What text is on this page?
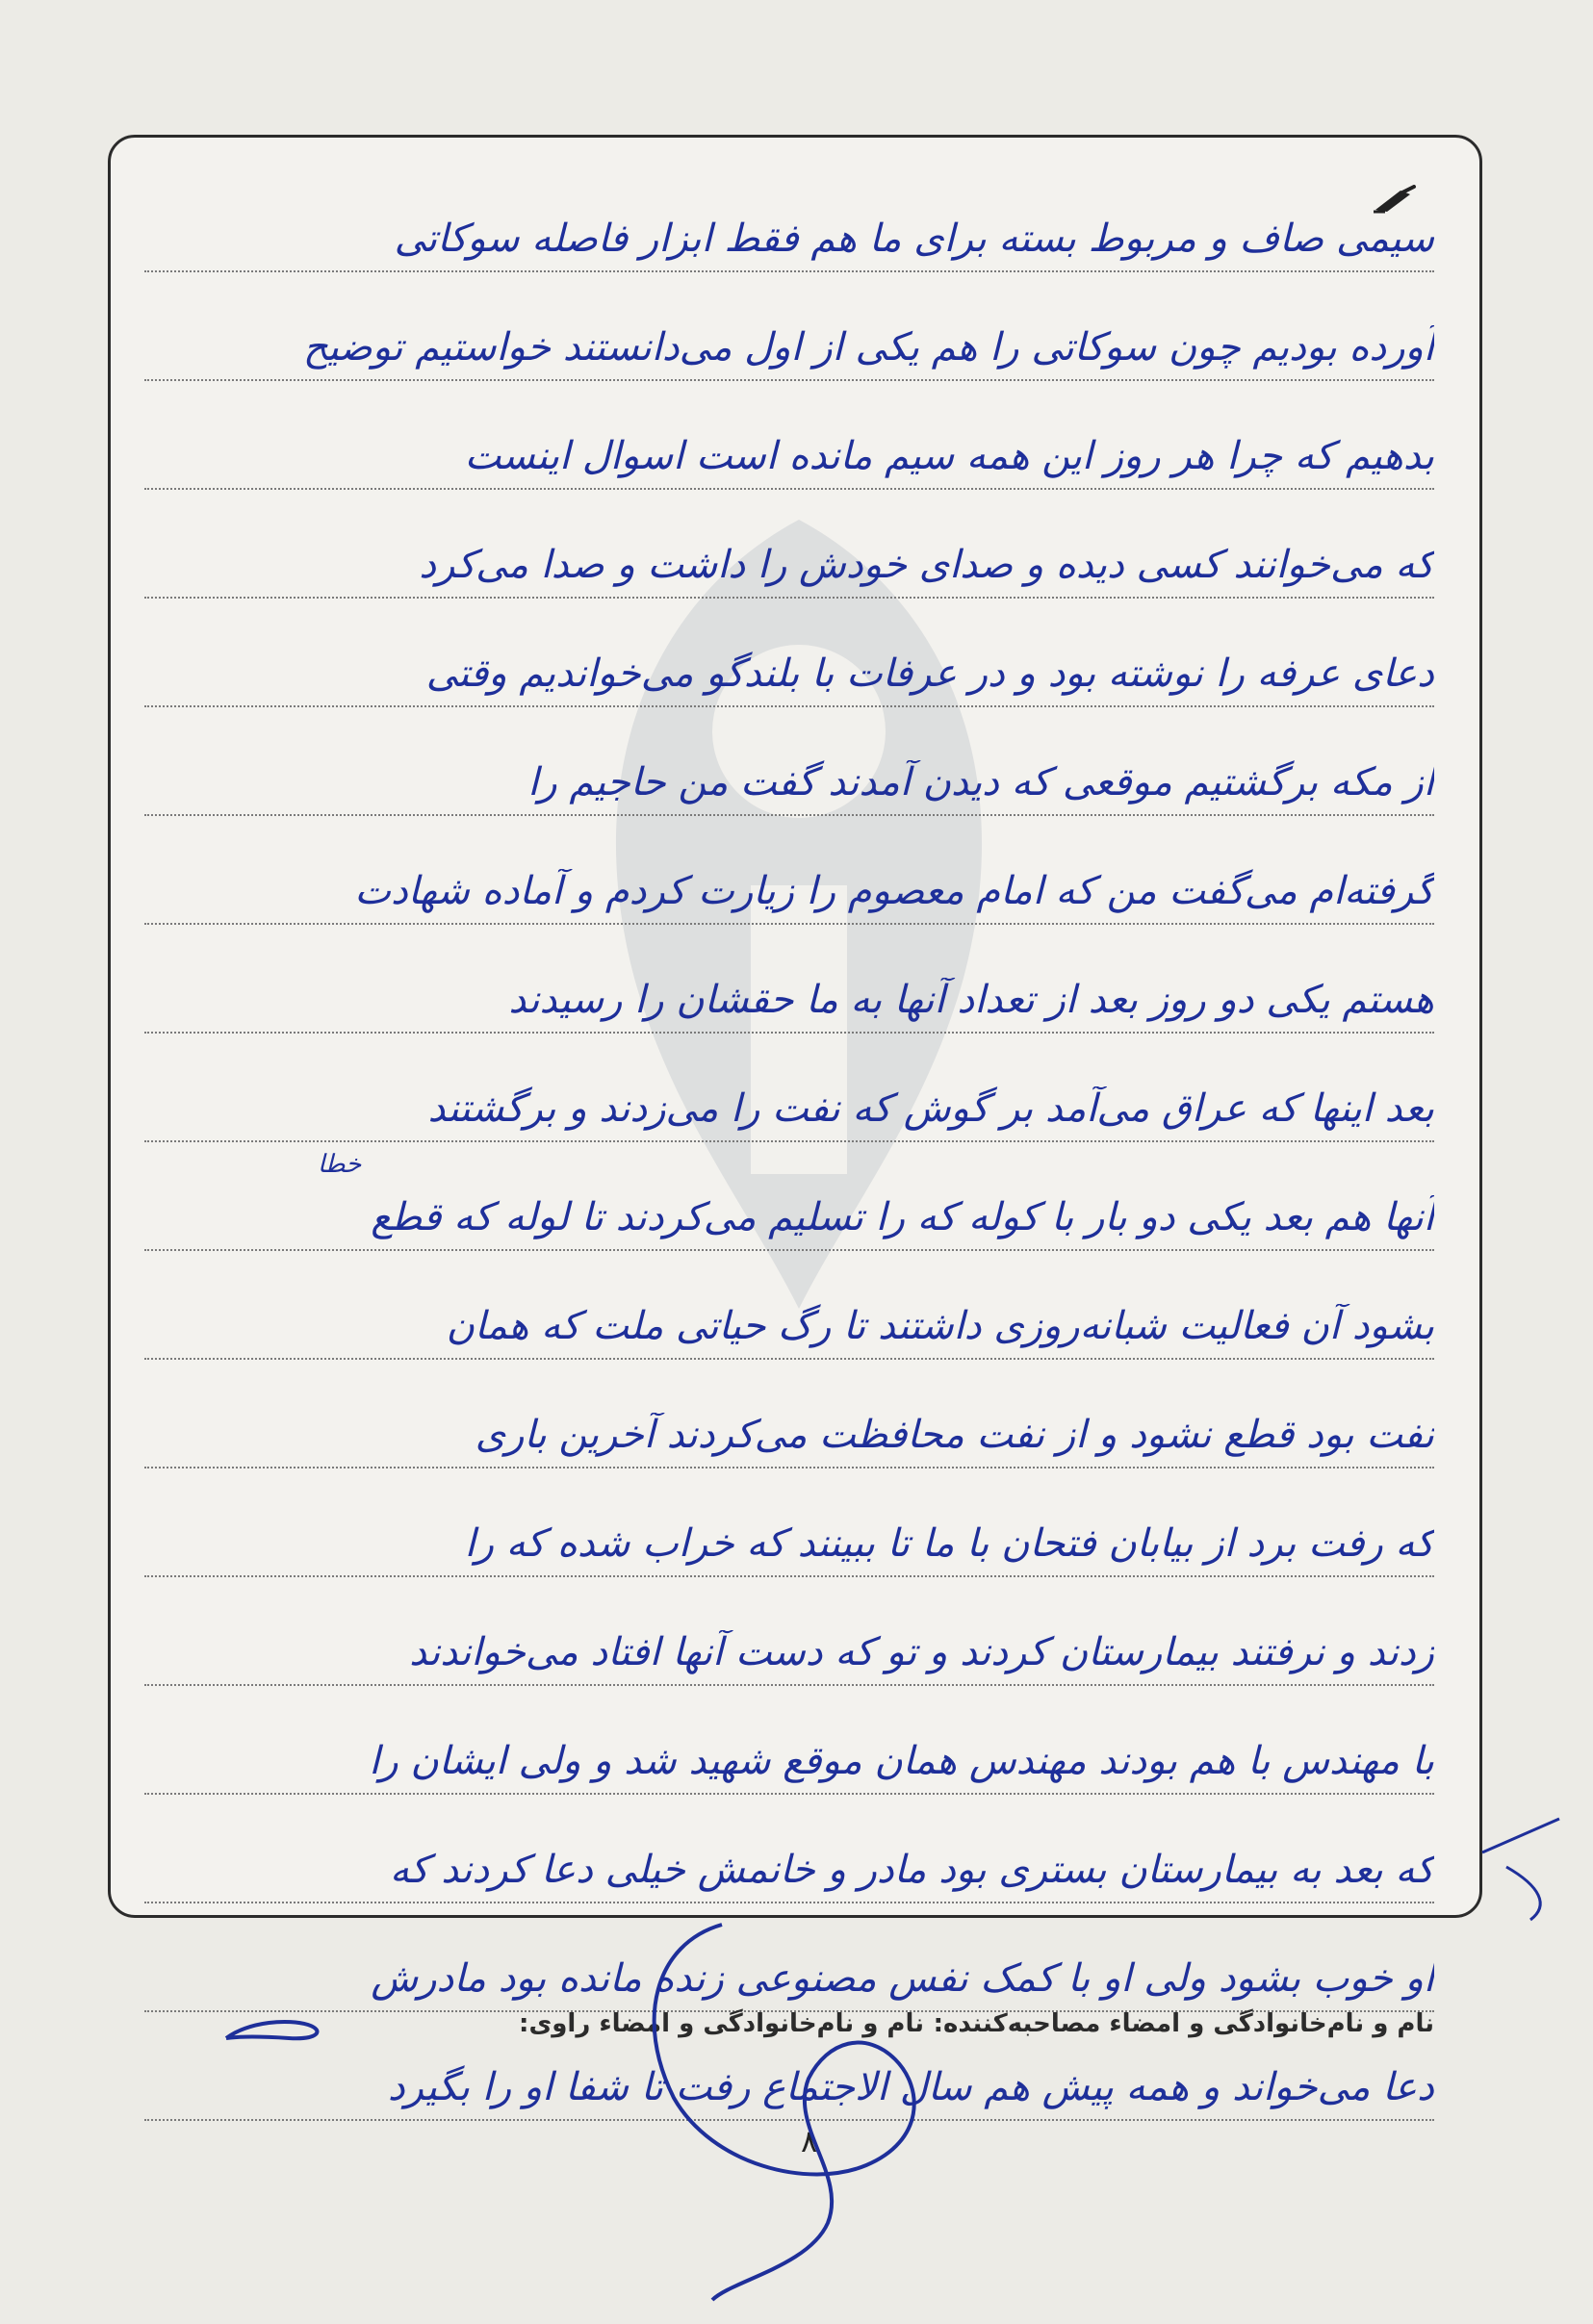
سیمی صاف و مربوط بسته برای ما هم فقط ابزار فاصله سوکاتی
آورده بودیم چون سوکاتی را هم یکی از اول می‌دانستند خواستیم توضیح
بدهیم که چرا هر روز این همه سیم مانده است اسوال اینست
که می‌خوانند کسی دیده و صدای خودش را داشت و صدا می‌کرد
دعای عرفه را نوشته بود و در عرفات با بلندگو می‌خواندیم وقتی
از مکه برگشتیم موقعی که دیدن آمدند گفت من حاجیم را
گرفته‌ام می‌گفت من که امام معصوم را زیارت کردم و آماده شهادت
هستم یکی دو روز بعد از تعداد آنها به ما حقشان را رسیدند
بعد اینها که عراق می‌آمد بر گوش که نفت را می‌زدند و برگشتند
آنها هم بعد یکی دو بار با کوله که را تسلیم می‌کردند تا لوله که قطع
خطا
بشود آن فعالیت شبانه‌روزی داشتند تا رگ حیاتی ملت که همان
نفت بود قطع نشود و از نفت محافظت می‌کردند آخرین باری
که رفت برد از بیابان فتحان با ما تا ببینند که خراب شده که را
زدند و نرفتند بیمارستان کردند و تو که دست آنها افتاد می‌خواندند
با مهندس با هم بودند مهندس همان موقع شهید شد و ولی ایشان را
که بعد به بیمارستان بستری بود مادر و خانمش خیلی دعا کردند که
او خوب بشود ولی او با کمک نفس مصنوعی زنده مانده بود مادرش
دعا می‌خواند و همه پیش هم سال الاجتماع رفت تا شفا او را بگیرد
نام و نام‌خانوادگی و امضاء مصاحبه‌کننده:
نام و نام‌خانوادگی و امضاء راوی:
۸
